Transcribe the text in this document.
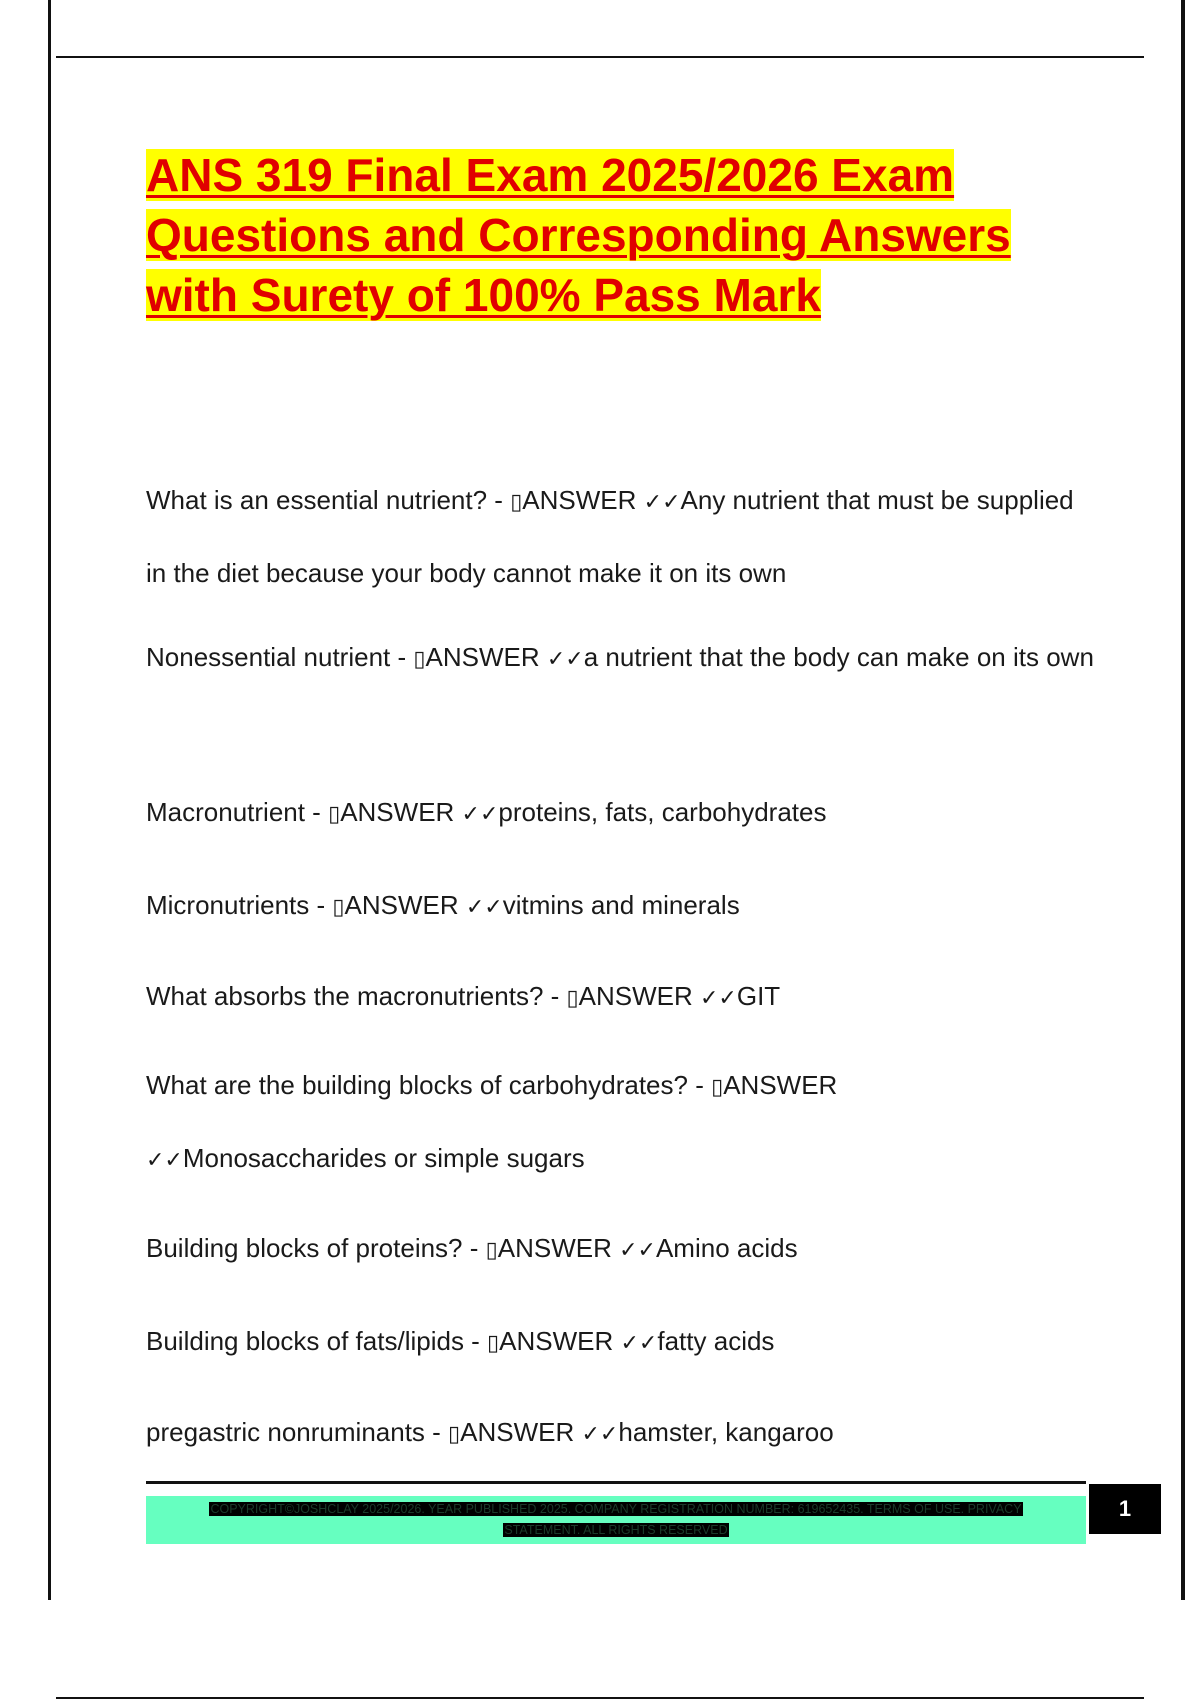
ANS 319 Final Exam 2025/2026 Exam
Questions and Corresponding Answers
with Surety of 100% Pass Mark

What is an essential nutrient? - ▯ANSWER ✓✓Any nutrient that must be supplied in the diet because your body cannot make it on its own

Nonessential nutrient - ▯ANSWER ✓✓a nutrient that the body can make on its own

Macronutrient - ▯ANSWER ✓✓proteins, fats, carbohydrates

Micronutrients - ▯ANSWER ✓✓vitmins and minerals

What absorbs the macronutrients? - ▯ANSWER ✓✓GIT

What are the building blocks of carbohydrates? - ▯ANSWER
✓✓Monosaccharides or simple sugars

Building blocks of proteins? - ▯ANSWER ✓✓Amino acids

Building blocks of fats/lipids - ▯ANSWER ✓✓fatty acids

pregastric nonruminants - ▯ANSWER ✓✓hamster, kangaroo

COPYRIGHT©JOSHCLAY 2025/2026. YEAR PUBLISHED 2025. COMPANY REGISTRATION NUMBER: 619652435. TERMS OF USE. PRIVACY
STATEMENT. ALL RIGHTS RESERVED
1
